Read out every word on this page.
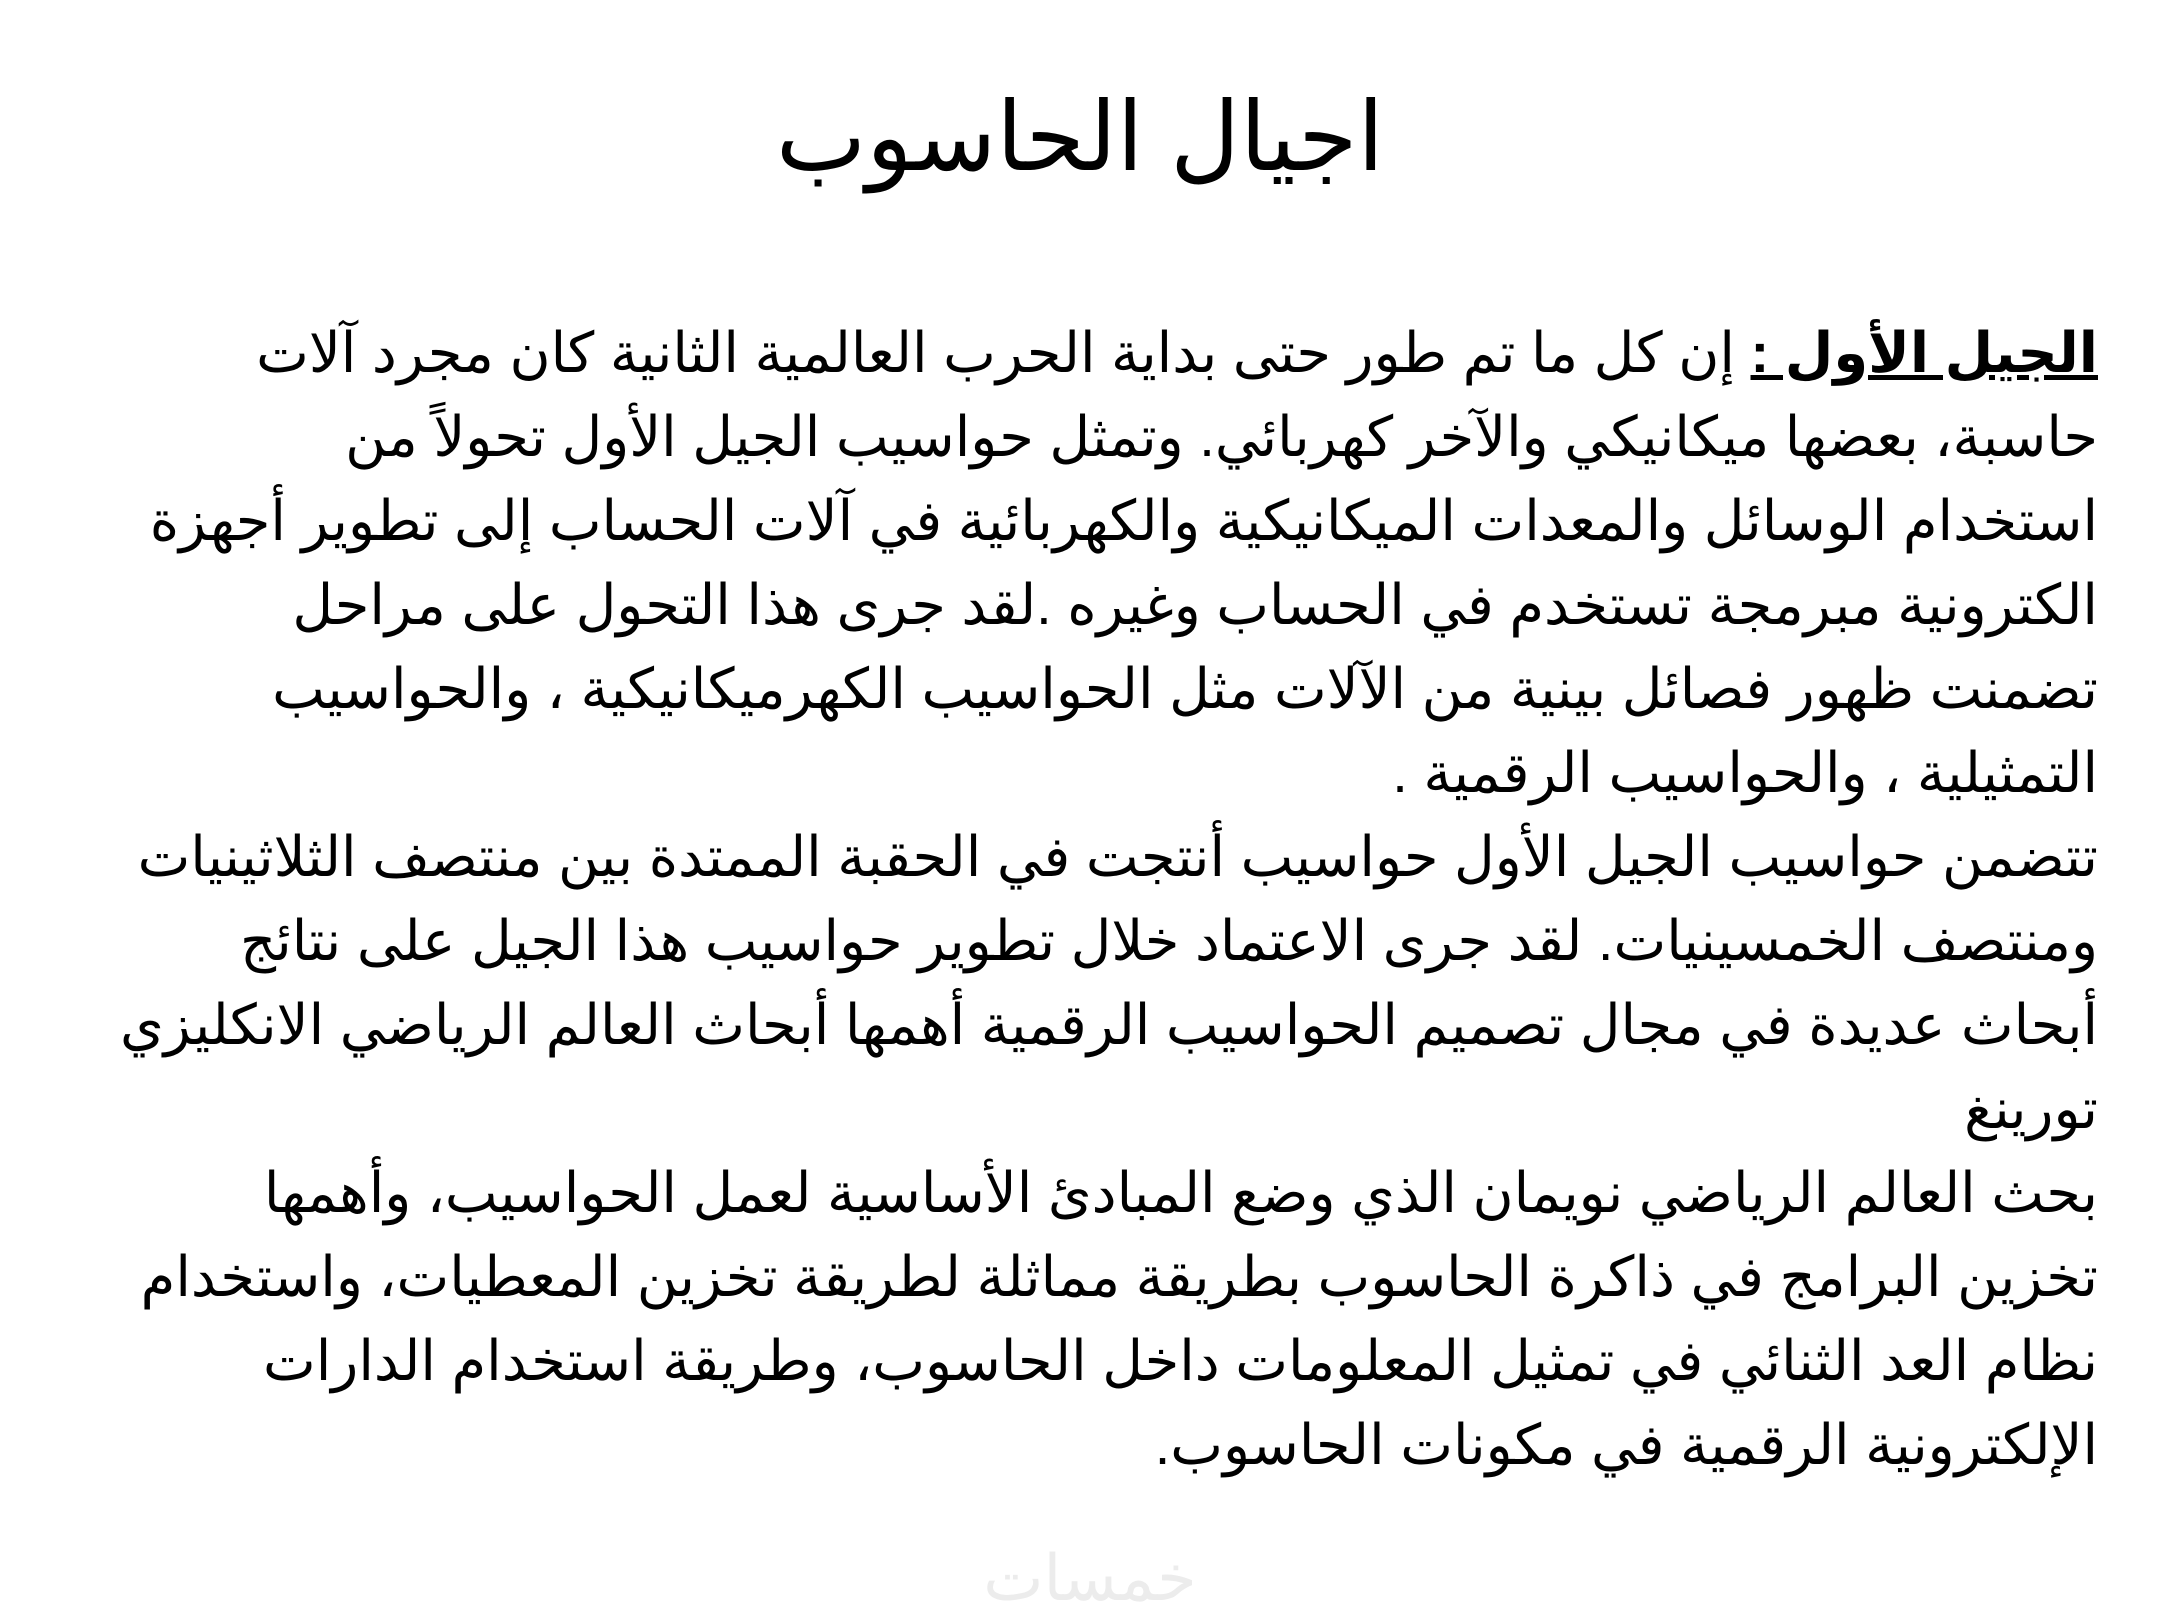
اجيال الحاسوب
الجيل الأول : إن كل ما تم طور حتى بداية الحرب العالمية الثانية كان مجرد آلات
حاسبة، بعضها ميكانيكي والآخر كهربائي. وتمثل حواسيب الجيل الأول تحولاً من
استخدام الوسائل والمعدات الميكانيكية والكهربائية في آلات الحساب إلى تطوير أجهزة
الكترونية مبرمجة تستخدم في الحساب وغيره .لقد جرى هذا التحول على مراحل
تضمنت ظهور فصائل بينية من الآلات مثل الحواسيب الكهرميكانيكية ، والحواسيب
التمثيلية ، والحواسيب الرقمية .
تتضمن حواسيب الجيل الأول حواسيب أنتجت في الحقبة الممتدة بين منتصف الثلاثينيات
ومنتصف الخمسينيات. لقد جرى الاعتماد خلال تطوير حواسيب هذا الجيل على نتائج
أبحاث عديدة في مجال تصميم الحواسيب الرقمية أهمها أبحاث العالم الرياضي الانكليزي
تورينغ
بحث العالم الرياضي نويمان الذي وضع المبادئ الأساسية لعمل الحواسيب، وأهمها
تخزين البرامج في ذاكرة الحاسوب بطريقة مماثلة لطريقة تخزين المعطيات، واستخدام
نظام العد الثنائي في تمثيل المعلومات داخل الحاسوب، وطريقة استخدام الدارات
الإلكترونية الرقمية في مكونات الحاسوب.
خمسات
